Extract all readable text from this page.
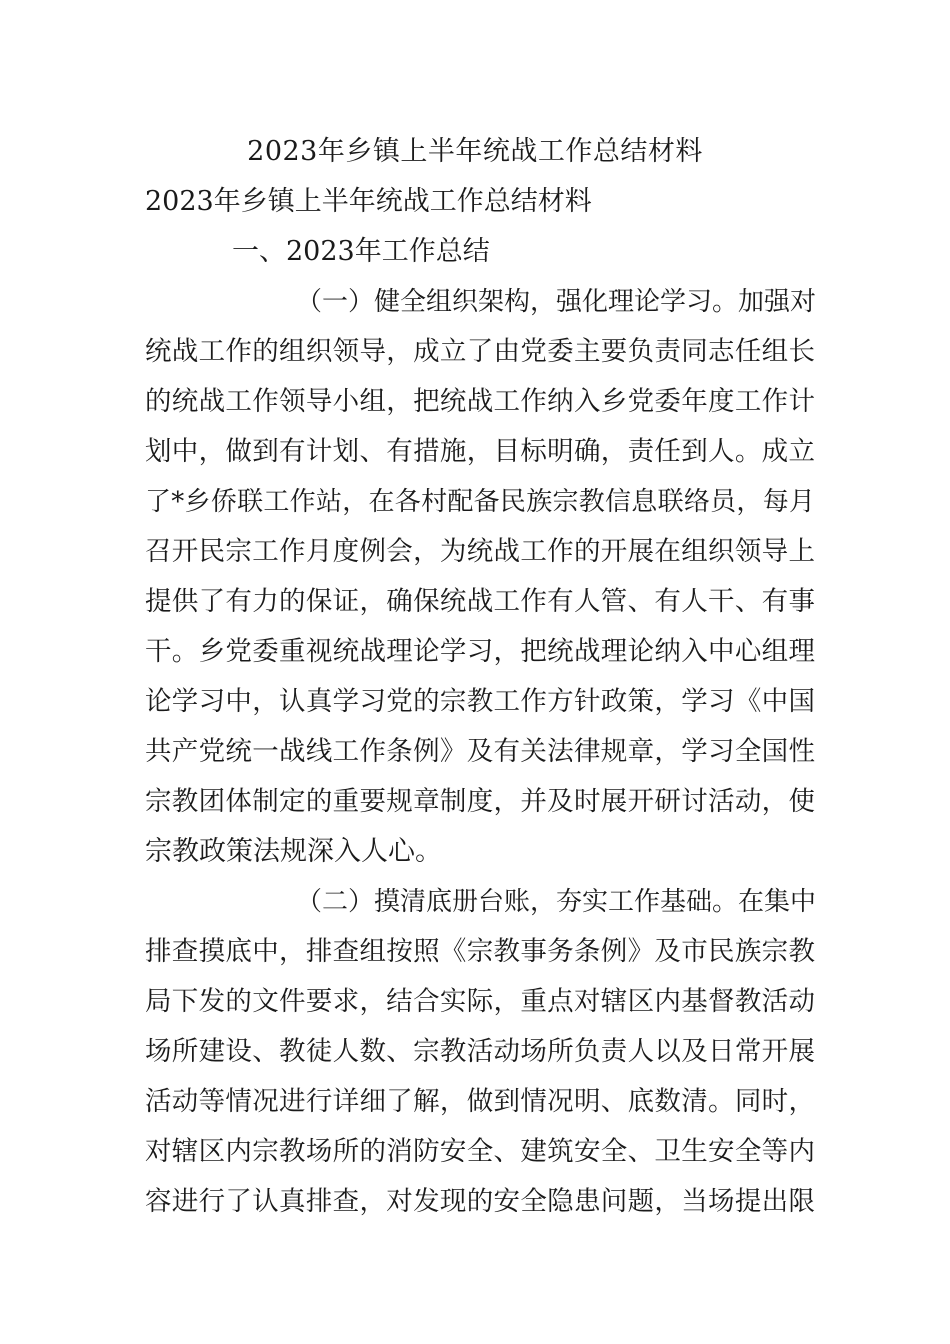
2023年乡镇上半年统战工作总结材料
2023年乡镇上半年统战工作总结材料
一、2023年工作总结
（一）健全组织架构，强化理论学习。加强对
统战工作的组织领导，成立了由党委主要负责同志任组长
的统战工作领导小组，把统战工作纳入乡党委年度工作计
划中，做到有计划、有措施，目标明确，责任到人。成立
了*乡侨联工作站，在各村配备民族宗教信息联络员，每月
召开民宗工作月度例会，为统战工作的开展在组织领导上
提供了有力的保证，确保统战工作有人管、有人干、有事
干。乡党委重视统战理论学习，把统战理论纳入中心组理
论学习中，认真学习党的宗教工作方针政策，学习《中国
共产党统一战线工作条例》及有关法律规章，学习全国性
宗教团体制定的重要规章制度，并及时展开研讨活动，使
宗教政策法规深入人心。
（二）摸清底册台账，夯实工作基础。在集中
排查摸底中，排查组按照《宗教事务条例》及市民族宗教
局下发的文件要求，结合实际，重点对辖区内基督教活动
场所建设、教徒人数、宗教活动场所负责人以及日常开展
活动等情况进行详细了解，做到情况明、底数清。同时，
对辖区内宗教场所的消防安全、建筑安全、卫生安全等内
容进行了认真排查，对发现的安全隐患问题，当场提出限
